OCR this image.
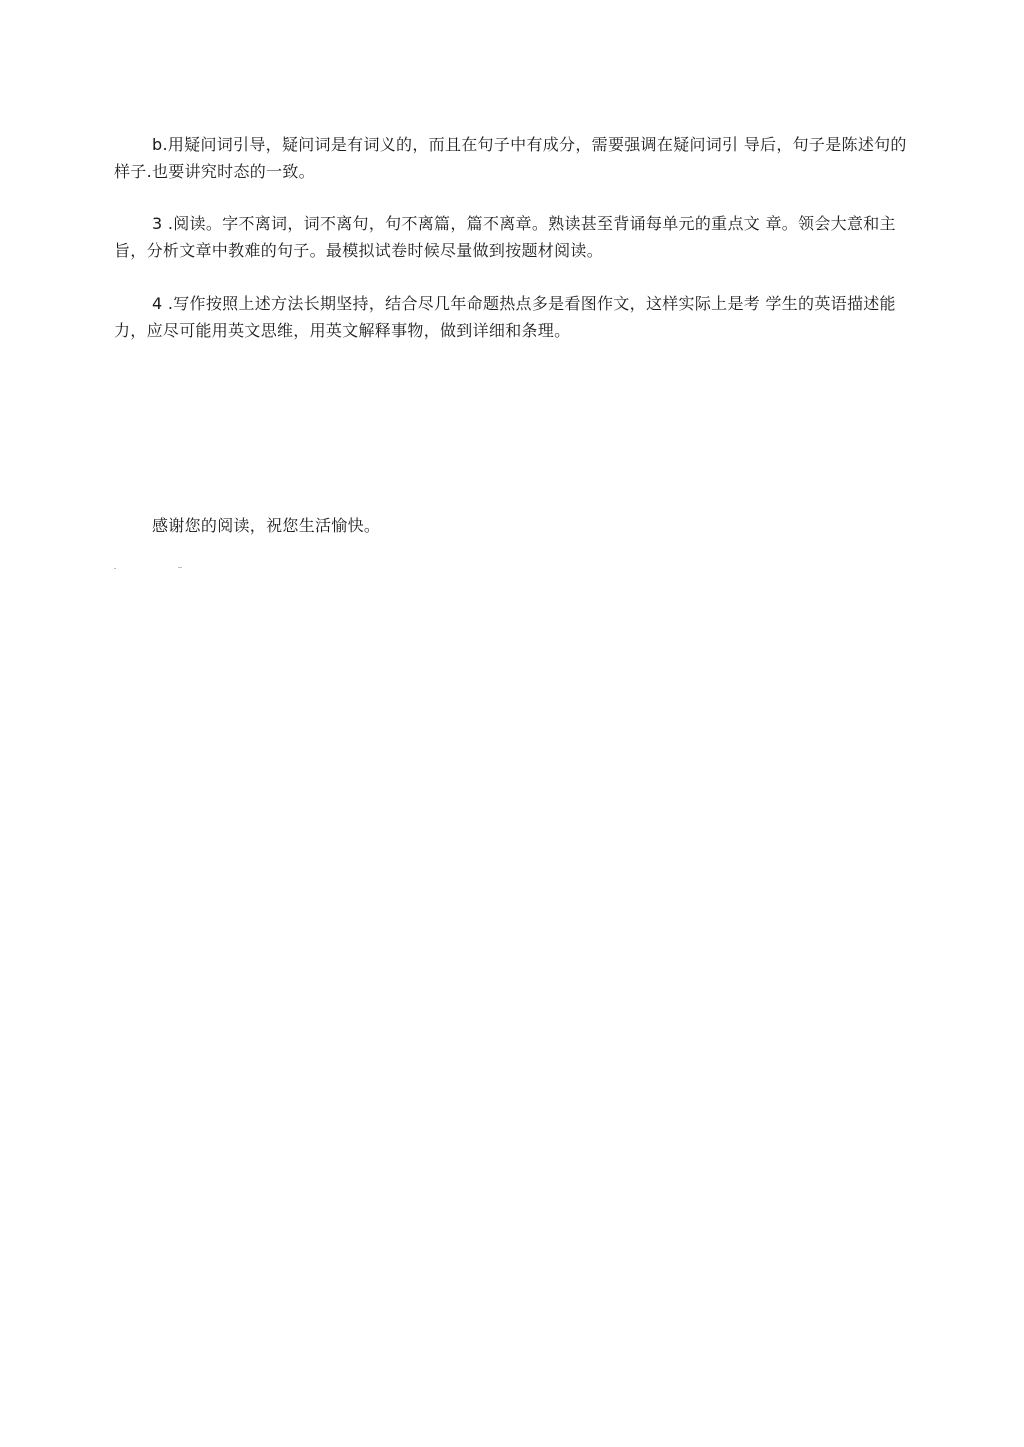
b.用疑问词引导，疑问词是有词义的，而且在句子中有成分，需要强调在疑问词引 导后，句子是陈述句的样子.也要讲究时态的一致。

3 .阅读。字不离词，词不离句，句不离篇，篇不离章。熟读甚至背诵每单元的重点文 章。领会大意和主旨，分析文章中教难的句子。最模拟试卷时候尽量做到按题材阅读。

4 .写作按照上述方法长期坚持，结合尽几年命题热点多是看图作文，这样实际上是考 学生的英语描述能力，应尽可能用英文思维，用英文解释事物，做到详细和条理。

感谢您的阅读，祝您生活愉快。
